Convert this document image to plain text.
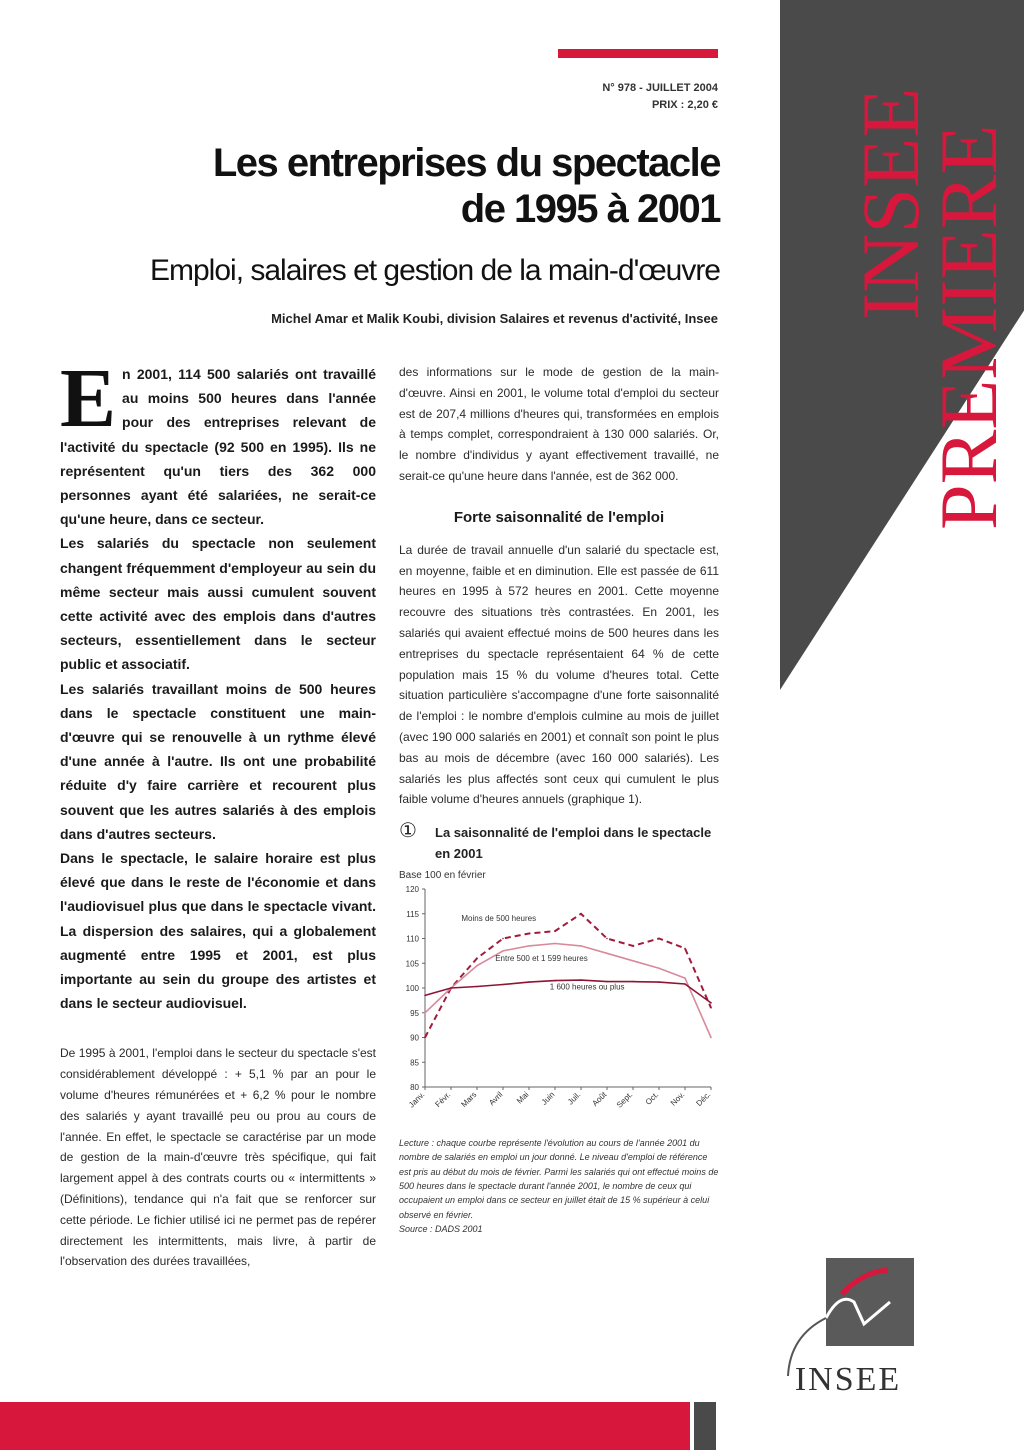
INSEE
PREMIERE
N° 978 - JUILLET 2004
PRIX : 2,20 €
Les entreprises du spectacle
de 1995 à 2001
Emploi, salaires et gestion de la main-d'œuvre
Michel Amar et Malik Koubi, division Salaires et revenus d'activité, Insee

En 2001, 114 500 salariés ont travaillé au moins 500 heures dans l'année pour des entreprises relevant de l'activité du spectacle (92 500 en 1995). Ils ne représentent qu'un tiers des 362 000 personnes ayant été salariées, ne serait-ce qu'une heure, dans ce secteur.

Les salariés du spectacle non seulement changent fréquemment d'employeur au sein du même secteur mais aussi cumulent souvent cette activité avec des emplois dans d'autres secteurs, essentiellement dans le secteur public et associatif.

Les salariés travaillant moins de 500 heures dans le spectacle constituent une main-d'œuvre qui se renouvelle à un rythme élevé d'une année à l'autre. Ils ont une probabilité réduite d'y faire carrière et recourent plus souvent que les autres salariés à des emplois dans d'autres secteurs.

Dans le spectacle, le salaire horaire est plus élevé que dans le reste de l'économie et dans l'audiovisuel plus que dans le spectacle vivant. La dispersion des salaires, qui a globalement augmenté entre 1995 et 2001, est plus importante au sein du groupe des artistes et dans le secteur audiovisuel.

De 1995 à 2001, l'emploi dans le secteur du spectacle s'est considérablement développé : + 5,1 % par an pour le volume d'heures rémunérées et + 6,2 % pour le nombre des salariés y ayant travaillé peu ou prou au cours de l'année. En effet, le spectacle se caractérise par un mode de gestion de la main-d'œuvre très spécifique, qui fait largement appel à des contrats courts ou « intermittents » (Définitions), tendance qui n'a fait que se renforcer sur cette période. Le fichier utilisé ici ne permet pas de repérer directement les intermittents, mais livre, à partir de l'observation des durées travaillées,

des informations sur le mode de gestion de la main-d'œuvre. Ainsi en 2001, le volume total d'emploi du secteur est de 207,4 millions d'heures qui, transformées en emplois à temps complet, correspondraient à 130 000 salariés. Or, le nombre d'individus y ayant effectivement travaillé, ne serait-ce qu'une heure dans l'année, est de 362 000.

Forte saisonnalité de l'emploi

La durée de travail annuelle d'un salarié du spectacle est, en moyenne, faible et en diminution. Elle est passée de 611 heures en 1995 à 572 heures en 2001. Cette moyenne recouvre des situations très contrastées. En 2001, les salariés qui avaient effectué moins de 500 heures dans les entreprises du spectacle représentaient 64 % de cette population mais 15 % du volume d'heures total. Cette situation particulière s'accompagne d'une forte saisonnalité de l'emploi : le nombre d'emplois culmine au mois de juillet (avec 190 000 salariés en 2001) et connaît son point le plus bas au mois de décembre (avec 160 000 salariés). Les salariés les plus affectés sont ceux qui cumulent le plus faible volume d'heures annuels (graphique 1).

① La saisonnalité de l'emploi dans le spectacle en 2001
Base 100 en février
80
85
90
95
100
105
110
115
120
Janv. Févr. Mars Avril Mai Juin Juil. Août Sept. Oct. Nov. Déc.
Moins de 500 heures
Entre 500 et 1 599 heures
1 600 heures ou plus
Lecture : chaque courbe représente l'évolution au cours de l'année 2001 du nombre de salariés en emploi un jour donné. Le niveau d'emploi de référence est pris au début du mois de février. Parmi les salariés qui ont effectué moins de 500 heures dans le spectacle durant l'année 2001, le nombre de ceux qui occupaient un emploi dans ce secteur en juillet était de 15 % supérieur à celui observé en février.
Source : DADS 2001
INSEE
